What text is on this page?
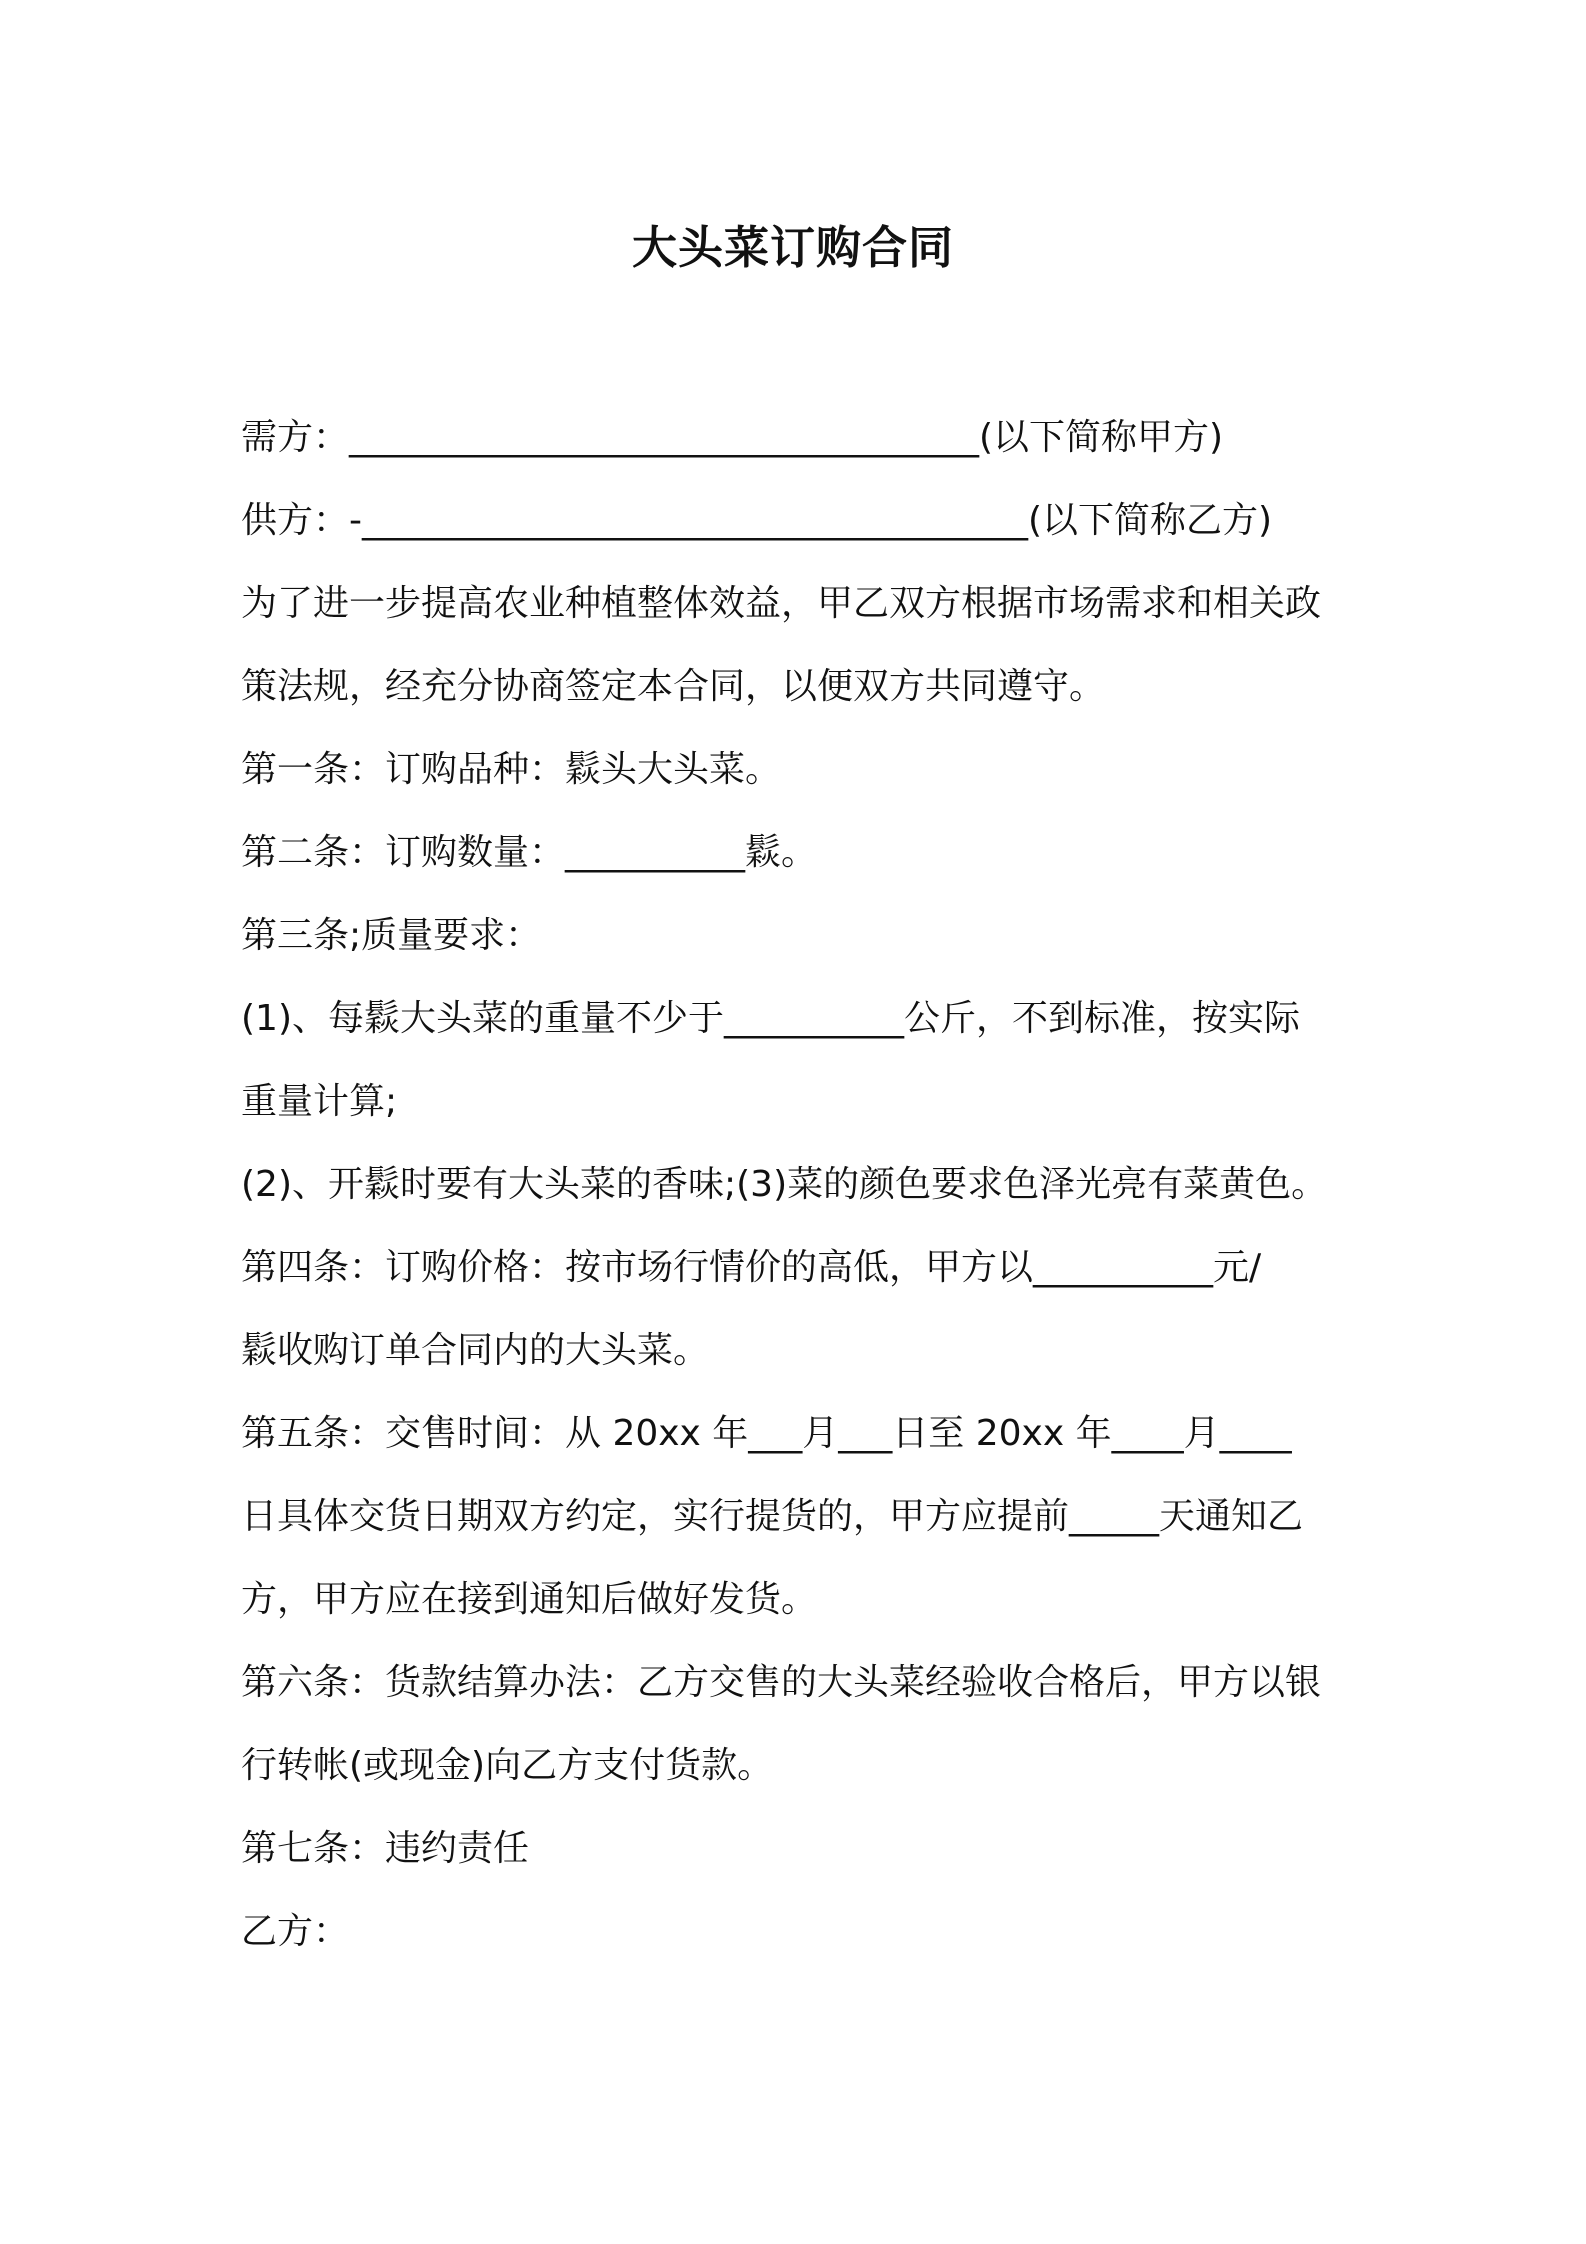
大头菜订购合同

需方：___________________________________(以下简称甲方)

供方：-_____________________________________(以下简称乙方)

为了进一步提高农业种植整体效益，甲乙双方根据市场需求和相关政

策法规，经充分协商签定本合同，以便双方共同遵守。

第一条：订购品种：鬏头大头菜。

第二条：订购数量：__________鬏。

第三条;质量要求：

(1)、每鬏大头菜的重量不少于__________公斤，不到标准，按实际

重量计算;

(2)、开鬏时要有大头菜的香味;(3)菜的颜色要求色泽光亮有菜黄色。

第四条：订购价格：按市场行情价的高低，甲方以__________元/

鬏收购订单合同内的大头菜。

第五条：交售时间：从 20xx 年___月___日至 20xx 年____月____

日具体交货日期双方约定，实行提货的，甲方应提前_____天通知乙

方，甲方应在接到通知后做好发货。

第六条：货款结算办法：乙方交售的大头菜经验收合格后，甲方以银

行转帐(或现金)向乙方支付货款。

第七条：违约责任

乙方：
